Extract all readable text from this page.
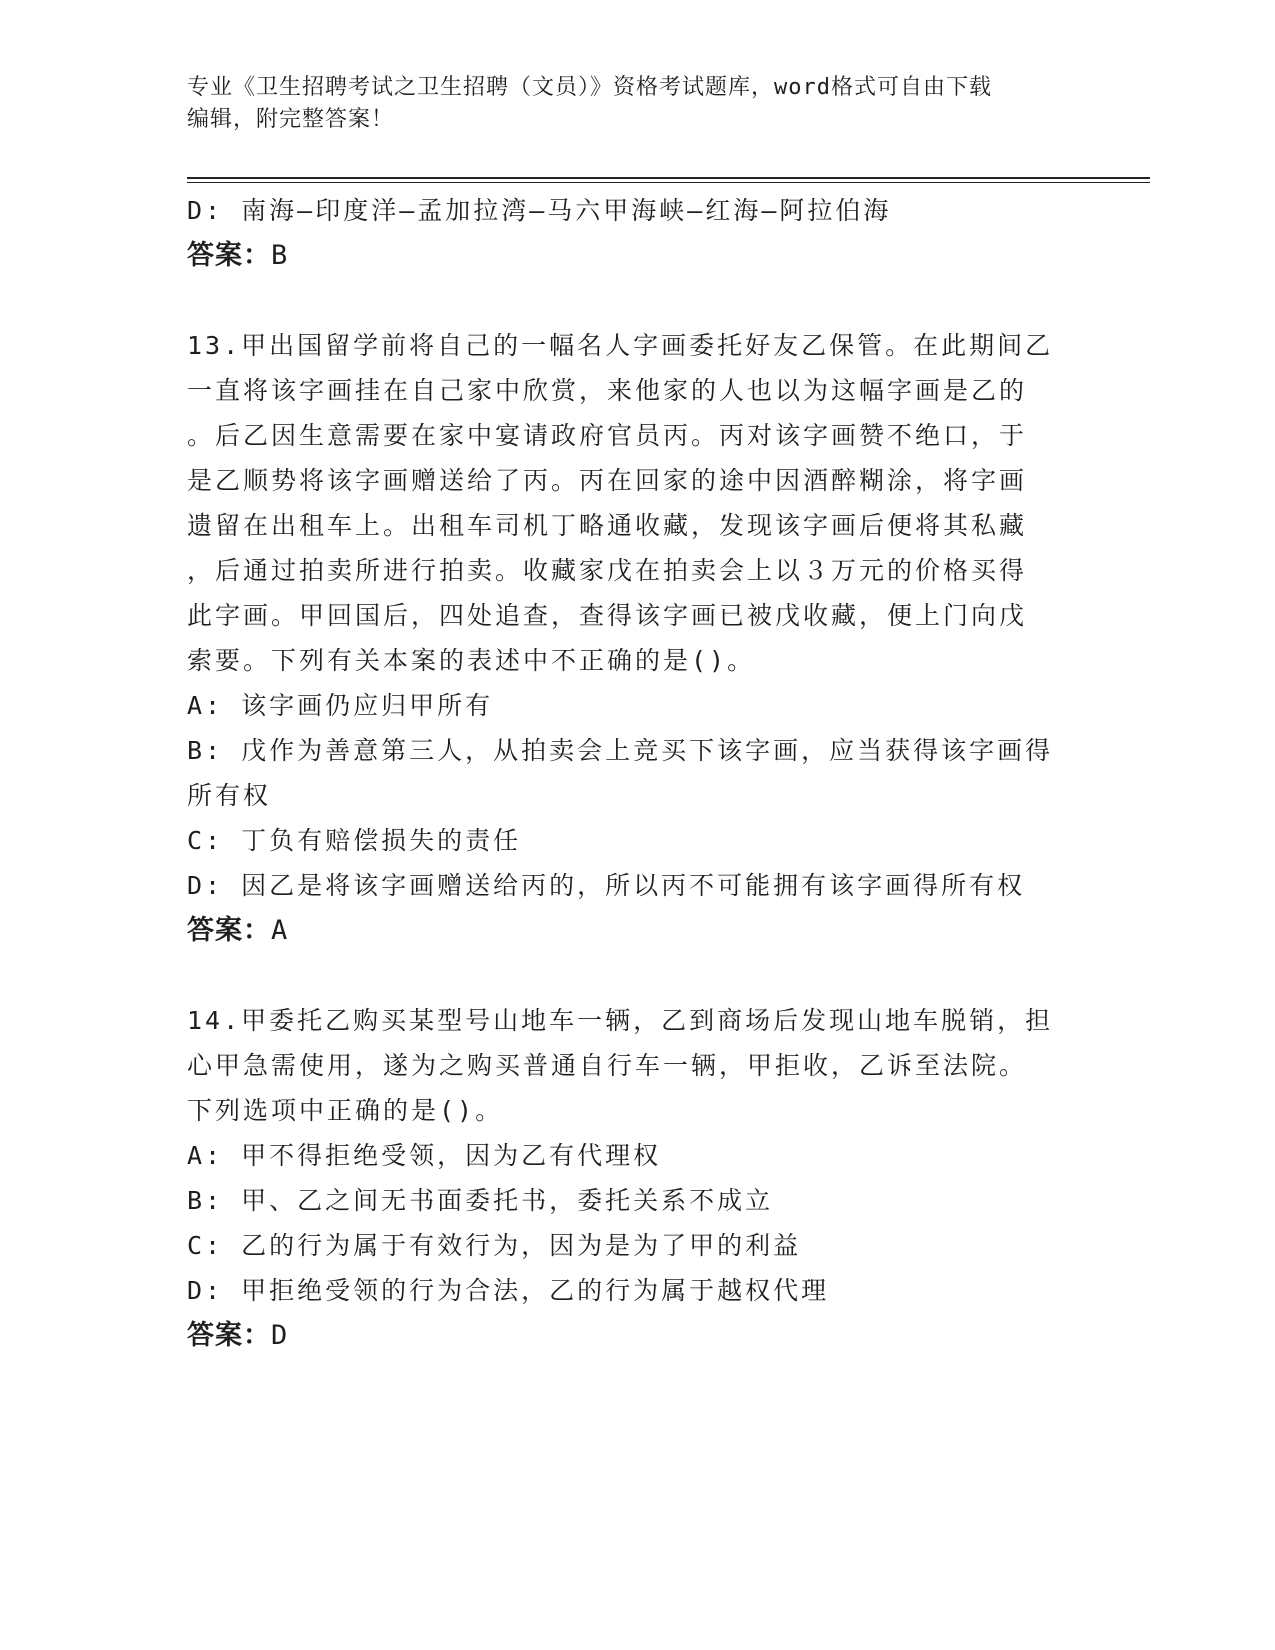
专业《卫生招聘考试之卫生招聘（文员）》资格考试题库，word格式可自由下载
编辑，附完整答案！
D: 南海—印度洋—孟加拉湾—马六甲海峡—红海—阿拉伯海
答案：B
13.甲出国留学前将自己的一幅名人字画委托好友乙保管。在此期间乙
一直将该字画挂在自己家中欣赏，来他家的人也以为这幅字画是乙的
。后乙因生意需要在家中宴请政府官员丙。丙对该字画赞不绝口，于
是乙顺势将该字画赠送给了丙。丙在回家的途中因酒醉糊涂，将字画
遗留在出租车上。出租车司机丁略通收藏，发现该字画后便将其私藏
，后通过拍卖所进行拍卖。收藏家戊在拍卖会上以３万元的价格买得
此字画。甲回国后，四处追查，查得该字画已被戊收藏，便上门向戊
索要。下列有关本案的表述中不正确的是()。
A: 该字画仍应归甲所有
B: 戊作为善意第三人，从拍卖会上竞买下该字画，应当获得该字画得
所有权
C: 丁负有赔偿损失的责任
D: 因乙是将该字画赠送给丙的，所以丙不可能拥有该字画得所有权
答案：A
14.甲委托乙购买某型号山地车一辆，乙到商场后发现山地车脱销，担
心甲急需使用，遂为之购买普通自行车一辆，甲拒收，乙诉至法院。
下列选项中正确的是()。
A: 甲不得拒绝受领，因为乙有代理权
B: 甲、乙之间无书面委托书，委托关系不成立
C: 乙的行为属于有效行为，因为是为了甲的利益
D: 甲拒绝受领的行为合法，乙的行为属于越权代理
答案：D
